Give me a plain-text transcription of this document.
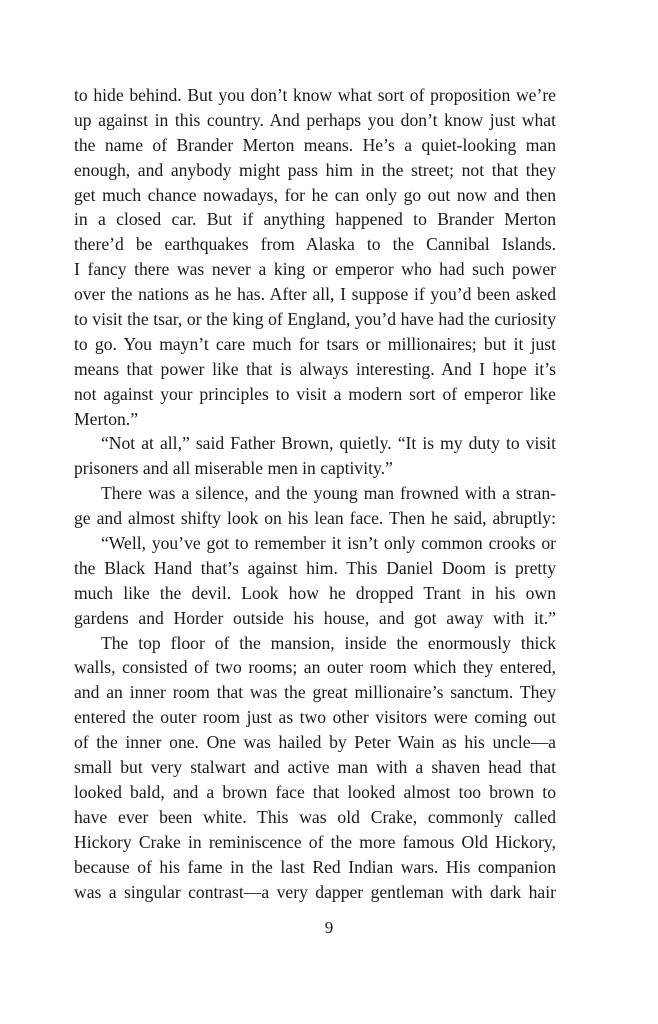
to hide behind. But you don’t know what sort of proposition we’re
up against in this country. And perhaps you don’t know just what
the name of Brander Merton means. He’s a quiet-looking man
enough, and anybody might pass him in the street; not that they
get much chance nowadays, for he can only go out now and then
in a closed car. But if anything happened to Brander Merton
there’d be earthquakes from Alaska to the Cannibal Islands.
I fancy there was never a king or emperor who had such power
over the nations as he has. After all, I suppose if you’d been asked
to visit the tsar, or the king of England, you’d have had the curiosity
to go. You mayn’t care much for tsars or millionaires; but it just
means that power like that is always interesting. And I hope it’s
not against your principles to visit a modern sort of emperor like
Merton.”
“Not at all,” said Father Brown, quietly. “It is my duty to visit
prisoners and all miserable men in captivity.”
There was a silence, and the young man frowned with a stran-
ge and almost shifty look on his lean face. Then he said, abruptly:
“Well, you’ve got to remember it isn’t only common crooks or
the Black Hand that’s against him. This Daniel Doom is pretty
much like the devil. Look how he dropped Trant in his own
gardens and Horder outside his house, and got away with it.”
The top floor of the mansion, inside the enormously thick
walls, consisted of two rooms; an outer room which they entered,
and an inner room that was the great millionaire’s sanctum. They
entered the outer room just as two other visitors were coming out
of the inner one. One was hailed by Peter Wain as his uncle—a
small but very stalwart and active man with a shaven head that
looked bald, and a brown face that looked almost too brown to
have ever been white. This was old Crake, commonly called
Hickory Crake in reminiscence of the more famous Old Hickory,
because of his fame in the last Red Indian wars. His companion
was a singular contrast—a very dapper gentleman with dark hair
9
